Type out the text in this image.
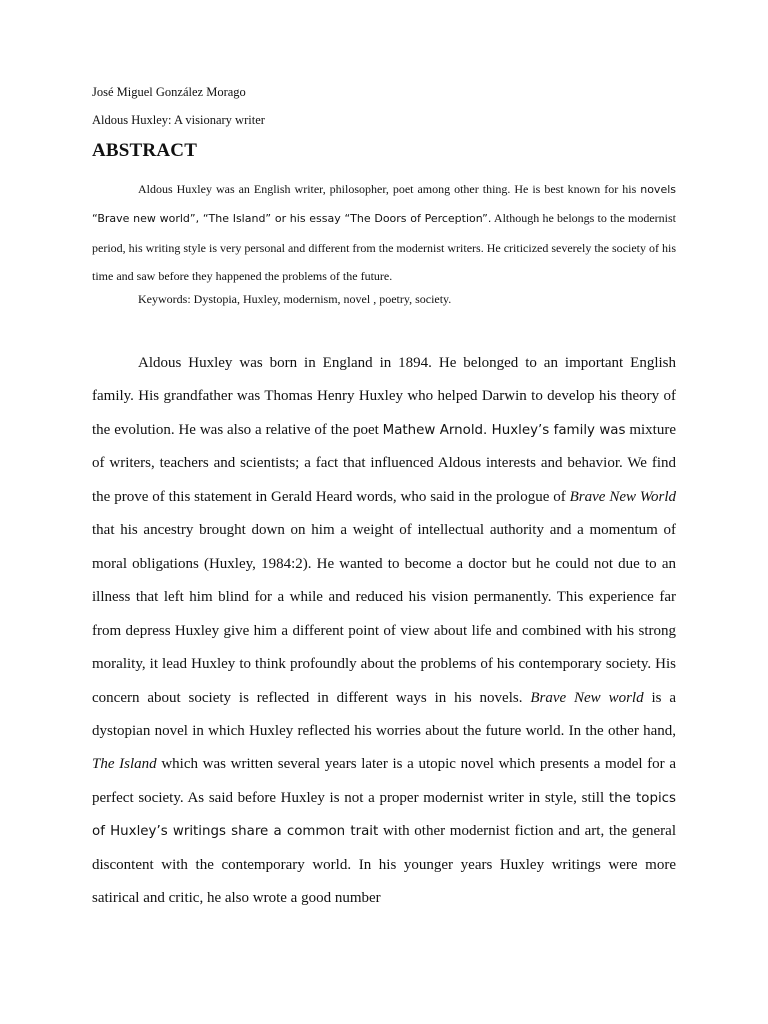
José Miguel González Morago
Aldous Huxley: A visionary writer
ABSTRACT

Aldous Huxley was an English writer, philosopher, poet among other thing. He is best known for his novels “Brave new world”, “The Island” or his essay “The Doors of Perception”. Although he belongs to the modernist period, his writing style is very personal and different from the modernist writers. He criticized severely the society of his time and saw before they happened the problems of the future.

Keywords: Dystopia, Huxley, modernism, novel , poetry, society.

Aldous Huxley was born in England in 1894. He belonged to an important English family. His grandfather was Thomas Henry Huxley who helped Darwin to develop his theory of the evolution. He was also a relative of the poet Mathew Arnold. Huxley’s family was mixture of writers, teachers and scientists; a fact that influenced Aldous interests and behavior. We find the prove of this statement in Gerald Heard words, who said in the prologue of Brave New World that his ancestry brought down on him a weight of intellectual authority and a momentum of moral obligations (Huxley, 1984:2). He wanted to become a doctor but he could not due to an illness that left him blind for a while and reduced his vision permanently. This experience far from depress Huxley give him a different point of view about life and combined with his strong morality, it lead Huxley to think profoundly about the problems of his contemporary society. His concern about society is reflected in different ways in his novels. Brave New world is a dystopian novel in which Huxley reflected his worries about the future world. In the other hand, The Island which was written several years later is a utopic novel which presents a model for a perfect society. As said before Huxley is not a proper modernist writer in style, still the topics of Huxley’s writings share a common trait with other modernist fiction and art, the general discontent with the contemporary world. In his younger years Huxley writings were more satirical and critic, he also wrote a good number
